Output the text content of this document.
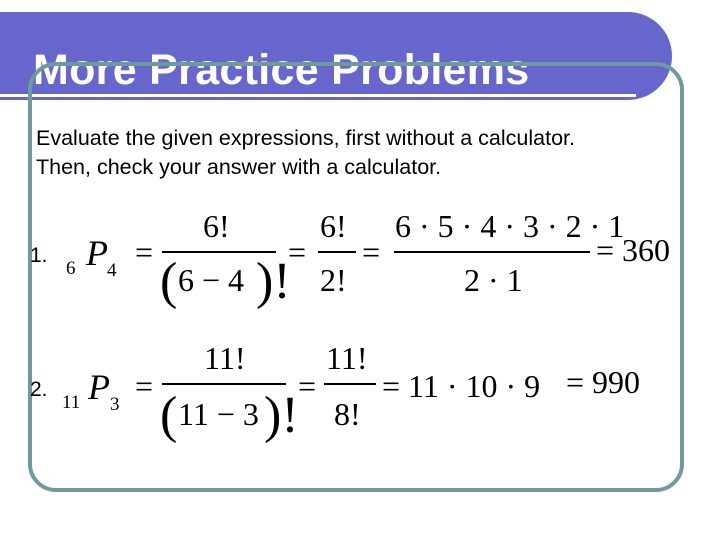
More Practice Problems
Evaluate the given expressions, first without a calculator.
Then, check your answer with a calculator.
1.
6 P 4
=
6!
( 6 − 4 )!
=
6!
2!
=
6 · 5 · 4 · 3 · 2 · 1
2 · 1
= 360
2.
11 P 3
=
11!
( 11 − 3 )!
=
11!
8!
= 11 · 10 · 9 = 990
